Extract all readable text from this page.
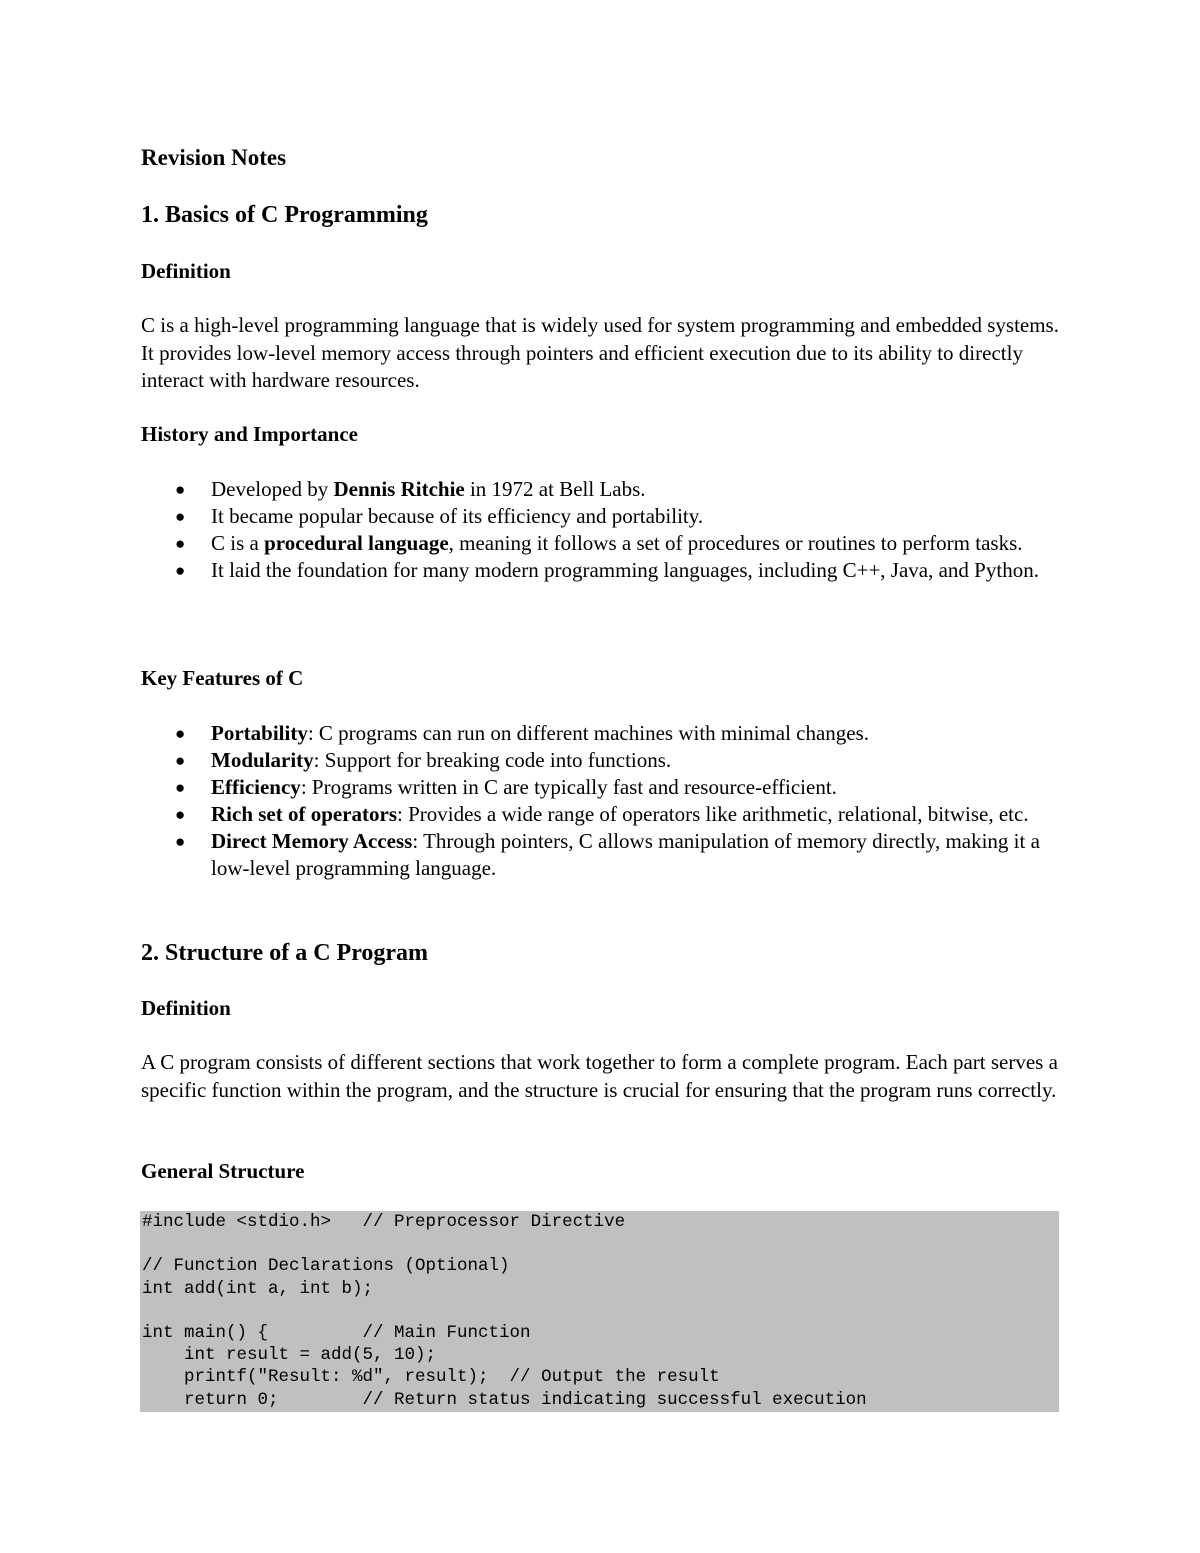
Revision Notes
1. Basics of C Programming
Definition

C is a high-level programming language that is widely used for system programming and embedded systems. It provides low-level memory access through pointers and efficient execution due to its ability to directly interact with hardware resources.

History and Importance
● Developed by Dennis Ritchie in 1972 at Bell Labs.
● It became popular because of its efficiency and portability.
● C is a procedural language, meaning it follows a set of procedures or routines to perform tasks.
● It laid the foundation for many modern programming languages, including C++, Java, and Python.
Key Features of C
● Portability: C programs can run on different machines with minimal changes.
● Modularity: Support for breaking code into functions.
● Efficiency: Programs written in C are typically fast and resource-efficient.
● Rich set of operators: Provides a wide range of operators like arithmetic, relational, bitwise, etc.
● Direct Memory Access: Through pointers, C allows manipulation of memory directly, making it a low-level programming language.
2. Structure of a C Program
Definition

A C program consists of different sections that work together to form a complete program. Each part serves a specific function within the program, and the structure is crucial for ensuring that the program runs correctly.

General Structure
#include <stdio.h>   // Preprocessor Directive
// Function Declarations (Optional)
int add(int a, int b);
int main() {         // Main Function
int result = add(5, 10);
printf("Result: %d", result);  // Output the result
return 0;        // Return status indicating successful execution
